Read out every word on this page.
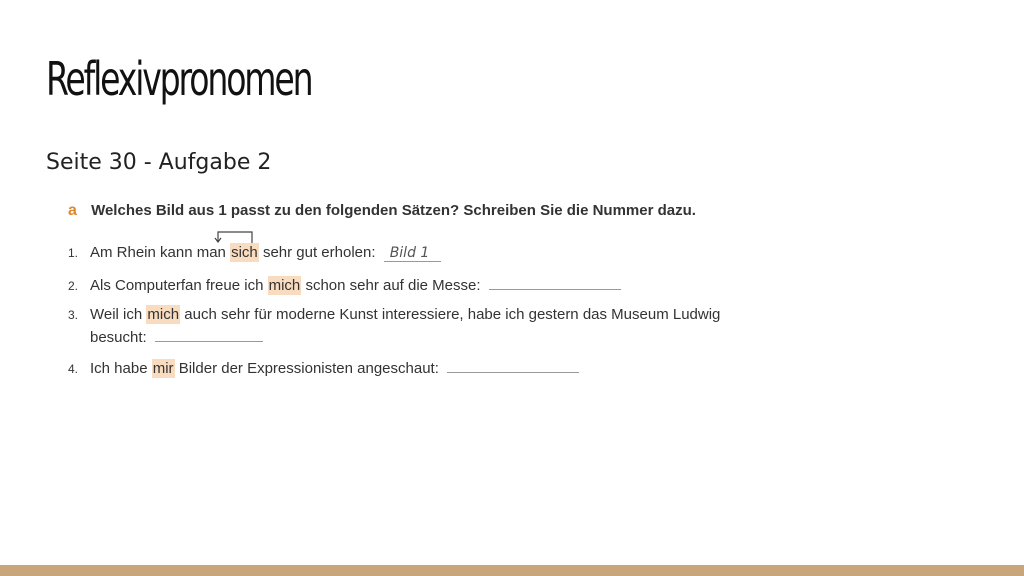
Reflexivpronomen
Seite 30 - Aufgabe 2
a Welches Bild aus 1 passt zu den folgenden Sätzen? Schreiben Sie die Nummer dazu.
1. Am Rhein kann man sich sehr gut erholen: Bild 1
2. Als Computerfan freue ich mich schon sehr auf die Messe:
3. Weil ich mich auch sehr für moderne Kunst interessiere, habe ich gestern das Museum Ludwig
besucht:
4. Ich habe mir Bilder der Expressionisten angeschaut:
